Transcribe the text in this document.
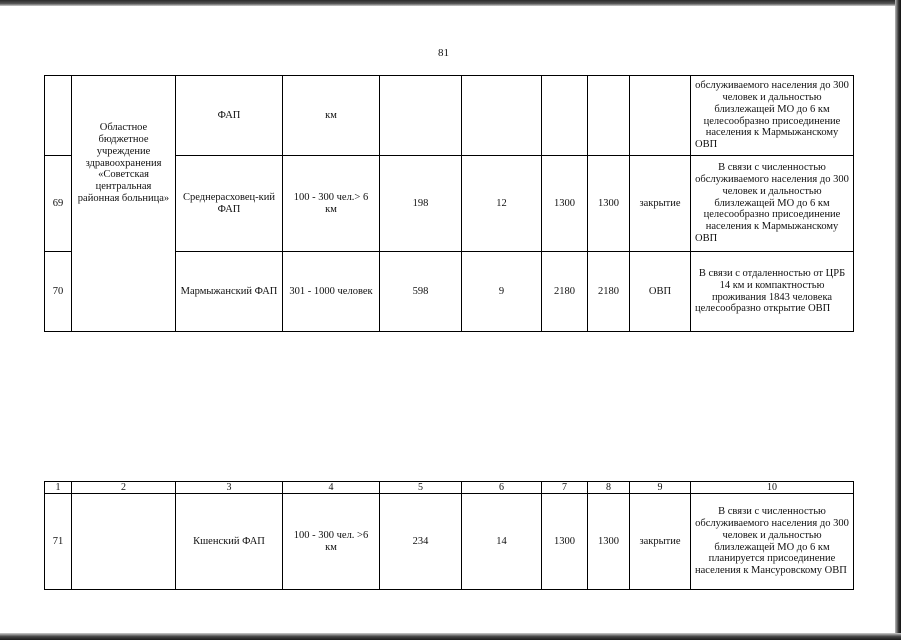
81

	Областное бюджетное учреждение здравоохранения «Советская центральная районная больница»	ФАП	км						обслуживаемого населения до 300 человек и дальностью близлежащей МО до 6 км целесообразно присоединение населения к Мармыжанскому ОВП
69		Среднерасховец-кий ФАП	100 - 300 чел.> 6 км	198	12	1300	1300	закрытие	В связи с численностью обслуживаемого населения до 300 человек и дальностью близлежащей МО до 6 км целесообразно присоединение населения к Мармыжанскому ОВП
70		Мармыжанский ФАП	301 - 1000 человек	598	9	2180	2180	ОВП	В связи с отдаленностью от ЦРБ 14 км и компактностью проживания 1843 человека целесообразно открытие ОВП
1	2	3	4	5	6	7	8	9	10
71		Кшенский ФАП	100 - 300 чел. >6 км	234	14	1300	1300	закрытие	В связи с численностью обслуживаемого населения до 300 человек и дальностью близлежащей МО до 6 км планируется присоединение населения к Мансуровскому ОВП
